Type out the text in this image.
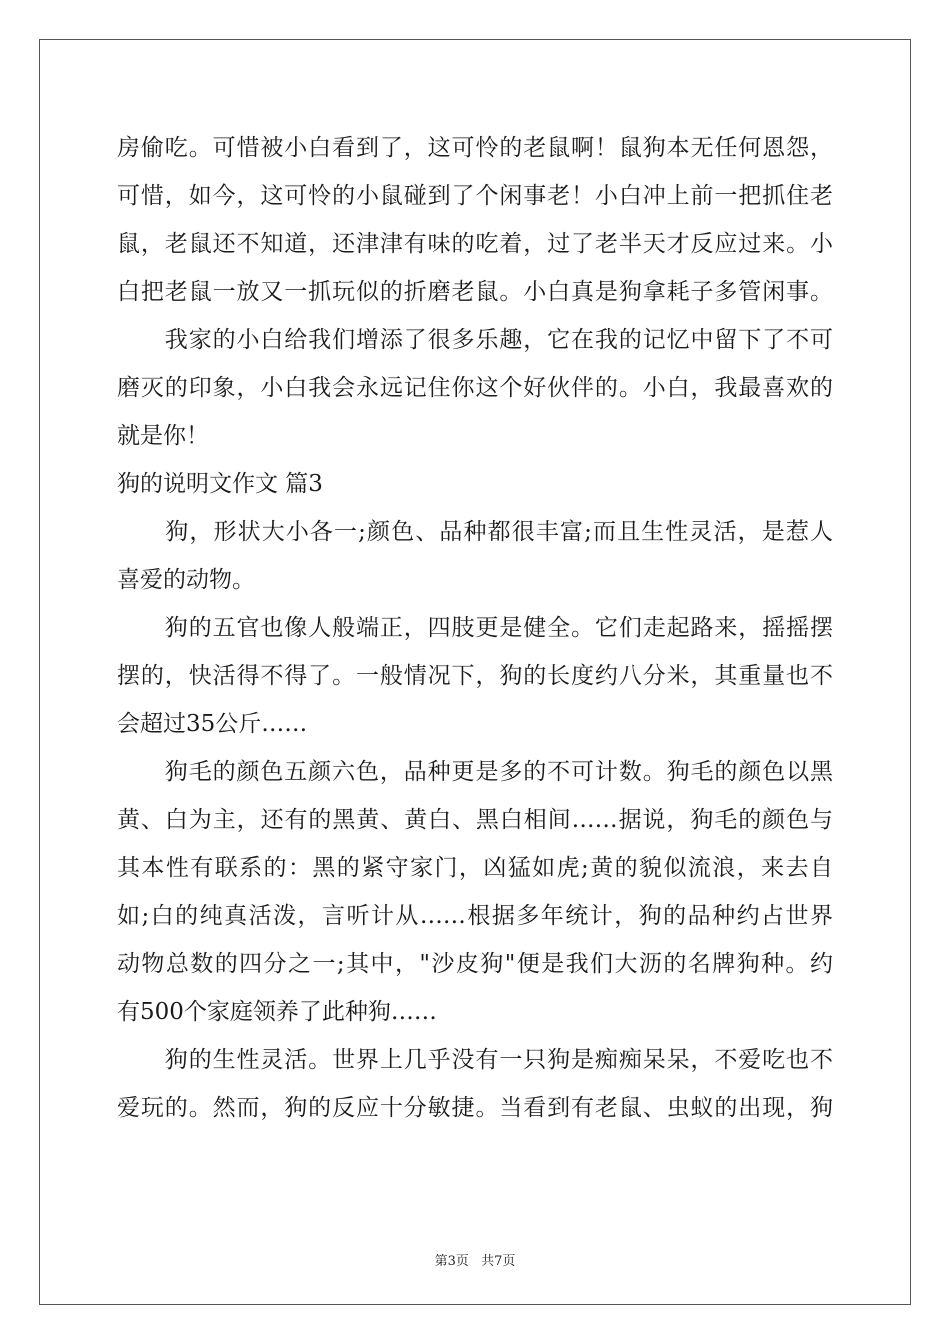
房偷吃。可惜被小白看到了，这可怜的老鼠啊！鼠狗本无任何恩怨，
可惜，如今，这可怜的小鼠碰到了个闲事老！小白冲上前一把抓住老
鼠，老鼠还不知道，还津津有味的吃着，过了老半天才反应过来。小
白把老鼠一放又一抓玩似的折磨老鼠。小白真是狗拿耗子多管闲事。
　　我家的小白给我们增添了很多乐趣，它在我的记忆中留下了不可
磨灭的印象，小白我会永远记住你这个好伙伴的。小白，我最喜欢的
就是你！
狗的说明文作文 篇3
　　狗，形状大小各一;颜色、品种都很丰富;而且生性灵活，是惹人
喜爱的动物。
　　狗的五官也像人般端正，四肢更是健全。它们走起路来，摇摇摆
摆的，快活得不得了。一般情况下，狗的长度约八分米，其重量也不
会超过35公斤……
　　狗毛的颜色五颜六色，品种更是多的不可计数。狗毛的颜色以黑
黄、白为主，还有的黑黄、黄白、黑白相间……据说，狗毛的颜色与
其本性有联系的：黑的紧守家门，凶猛如虎;黄的貌似流浪，来去自
如;白的纯真活泼，言听计从……根据多年统计，狗的品种约占世界
动物总数的四分之一;其中，"沙皮狗"便是我们大沥的名牌狗种。约
有500个家庭领养了此种狗……
　　狗的生性灵活。世界上几乎没有一只狗是痴痴呆呆，不爱吃也不
爱玩的。然而，狗的反应十分敏捷。当看到有老鼠、虫蚁的出现，狗
第3页 共7页
